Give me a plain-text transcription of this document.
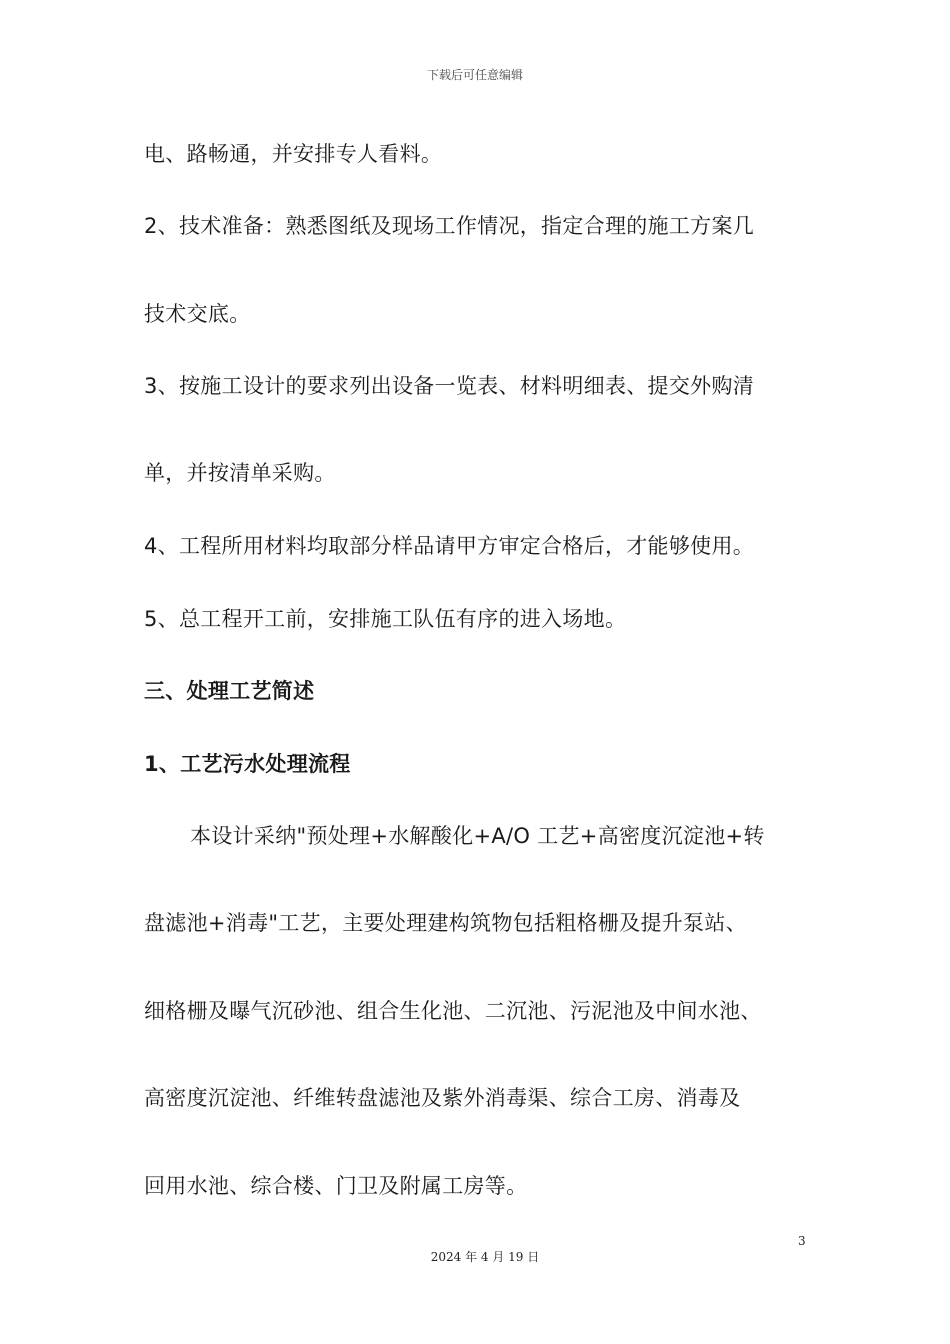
下载后可任意编辑
电、路畅通，并安排专人看料。
2、技术准备：熟悉图纸及现场工作情况，指定合理的施工方案几
技术交底。
3、按施工设计的要求列出设备一览表、材料明细表、提交外购清
单，并按清单采购。
4、工程所用材料均取部分样品请甲方审定合格后，才能够使用。
5、总工程开工前，安排施工队伍有序的进入场地。
三、处理工艺简述
1、工艺污水处理流程
本设计采纳"预处理+水解酸化+A/O 工艺+高密度沉淀池+转
盘滤池+消毒"工艺，主要处理建构筑物包括粗格栅及提升泵站、
细格栅及曝气沉砂池、组合生化池、二沉池、污泥池及中间水池、
高密度沉淀池、纤维转盘滤池及紫外消毒渠、综合工房、消毒及
回用水池、综合楼、门卫及附属工房等。
3
2024 年 4 月 19 日
